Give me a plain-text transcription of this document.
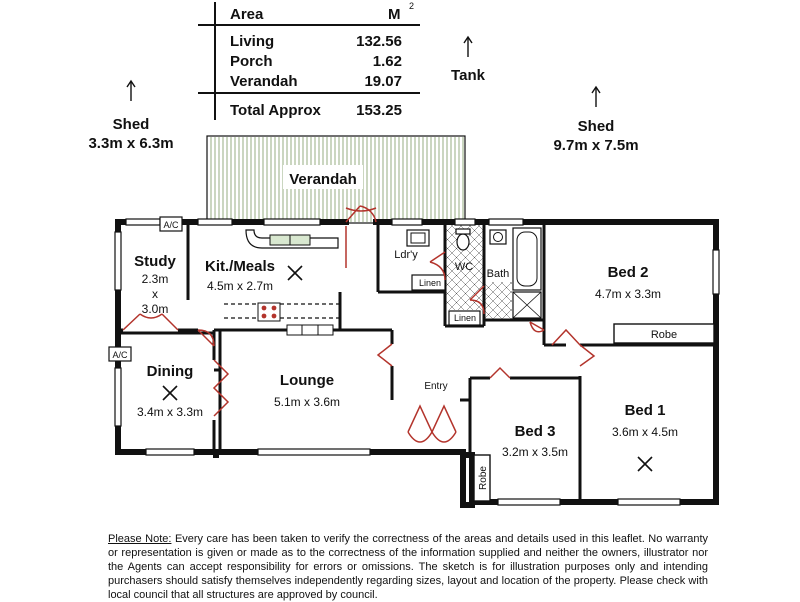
Area	M 2
Living	132.56
Porch	1.62
Verandah	19.07
Total Approx 153.25
Shed
3.3m x 6.3m
Tank
Shed
9.7m x 7.5m
Verandah
A/C
A/C
Linen
Linen
Robe
Robe
Study
2.3m
x
3.0m
Kit./Meals
4.5m x 2.7m
Dining
3.4m x 3.3m
Lounge
5.1m x 3.6m
Ldr'y
WC
Bath	Bed 2
4.7m x 3.3m
Bed 1
3.6m x 4.5m
Bed 3
3.2m x 3.5m
Entry

Please Note: Every care has been taken to verify the correctness of the areas and details used in this leaflet. No warranty or representation is given or made as to the correctness of the information supplied and neither the owners, illustrator nor the Agents can accept responsibility for errors or omissions. The sketch is for illustration purposes only and intending purchasers should satisfy themselves independently regarding sizes, layout and location of the property. Please check with local council that all structures are approved by council.
